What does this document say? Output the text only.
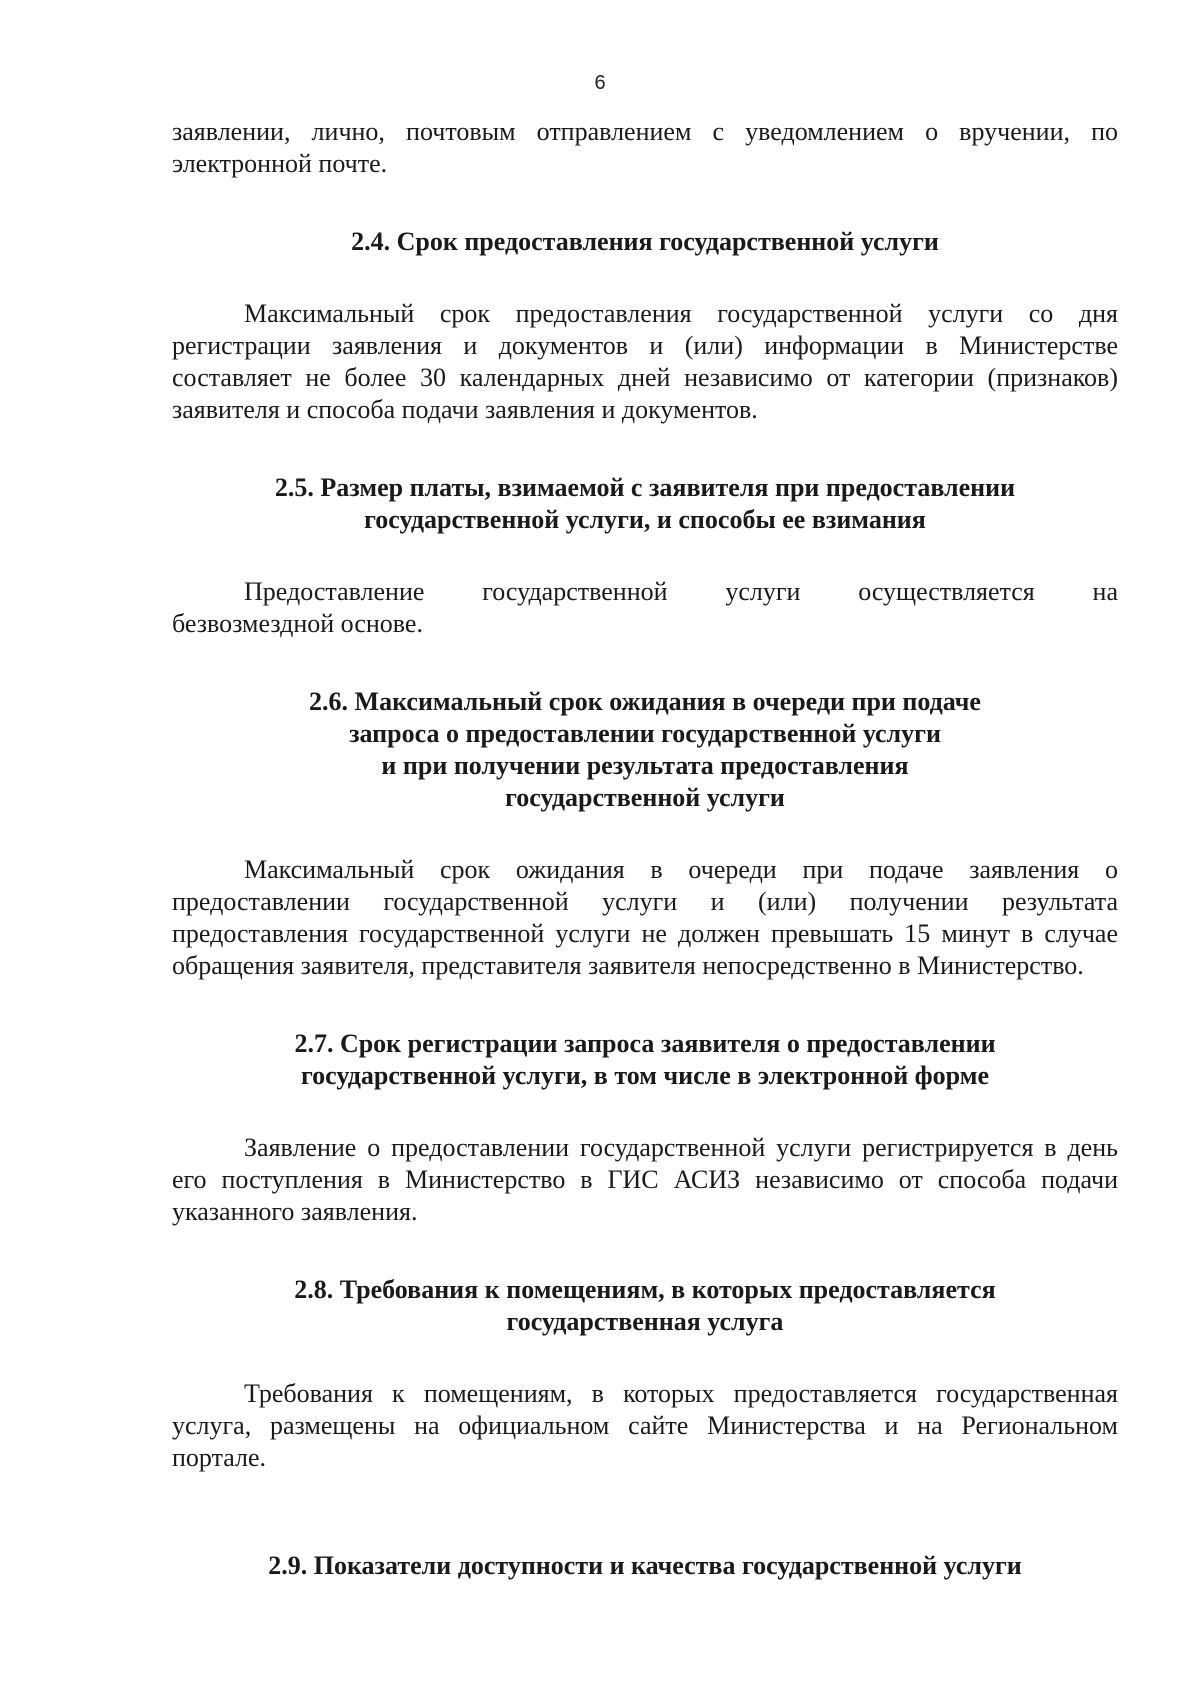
6

заявлении, лично, почтовым отправлением с уведомлением о вручении, по электронной почте.

2.4. Срок предоставления государственной услуги

Максимальный срок предоставления государственной услуги со дня регистрации заявления и документов и (или) информации в Министерстве составляет не более 30 календарных дней независимо от категории (признаков) заявителя и способа подачи заявления и документов.

2.5. Размер платы, взимаемой с заявителя при предоставлении
государственной услуги, и способы ее взимания

Предоставление государственной услуги осуществляется на

безвозмездной основе.

2.6. Максимальный срок ожидания в очереди при подаче
запроса о предоставлении государственной услуги
и при получении результата предоставления
государственной услуги

Максимальный срок ожидания в очереди при подаче заявления о предоставлении государственной услуги и (или) получении результата предоставления государственной услуги не должен превышать 15 минут в случае обращения заявителя, представителя заявителя непосредственно в Министерство.

2.7. Срок регистрации запроса заявителя о предоставлении
государственной услуги, в том числе в электронной форме

Заявление о предоставлении государственной услуги регистрируется в день его поступления в Министерство в ГИС АСИЗ независимо от способа подачи указанного заявления.

2.8. Требования к помещениям, в которых предоставляется
государственная услуга

Требования к помещениям, в которых предоставляется государственная услуга, размещены на официальном сайте Министерства и на Региональном портале.

2.9. Показатели доступности и качества государственной услуги
